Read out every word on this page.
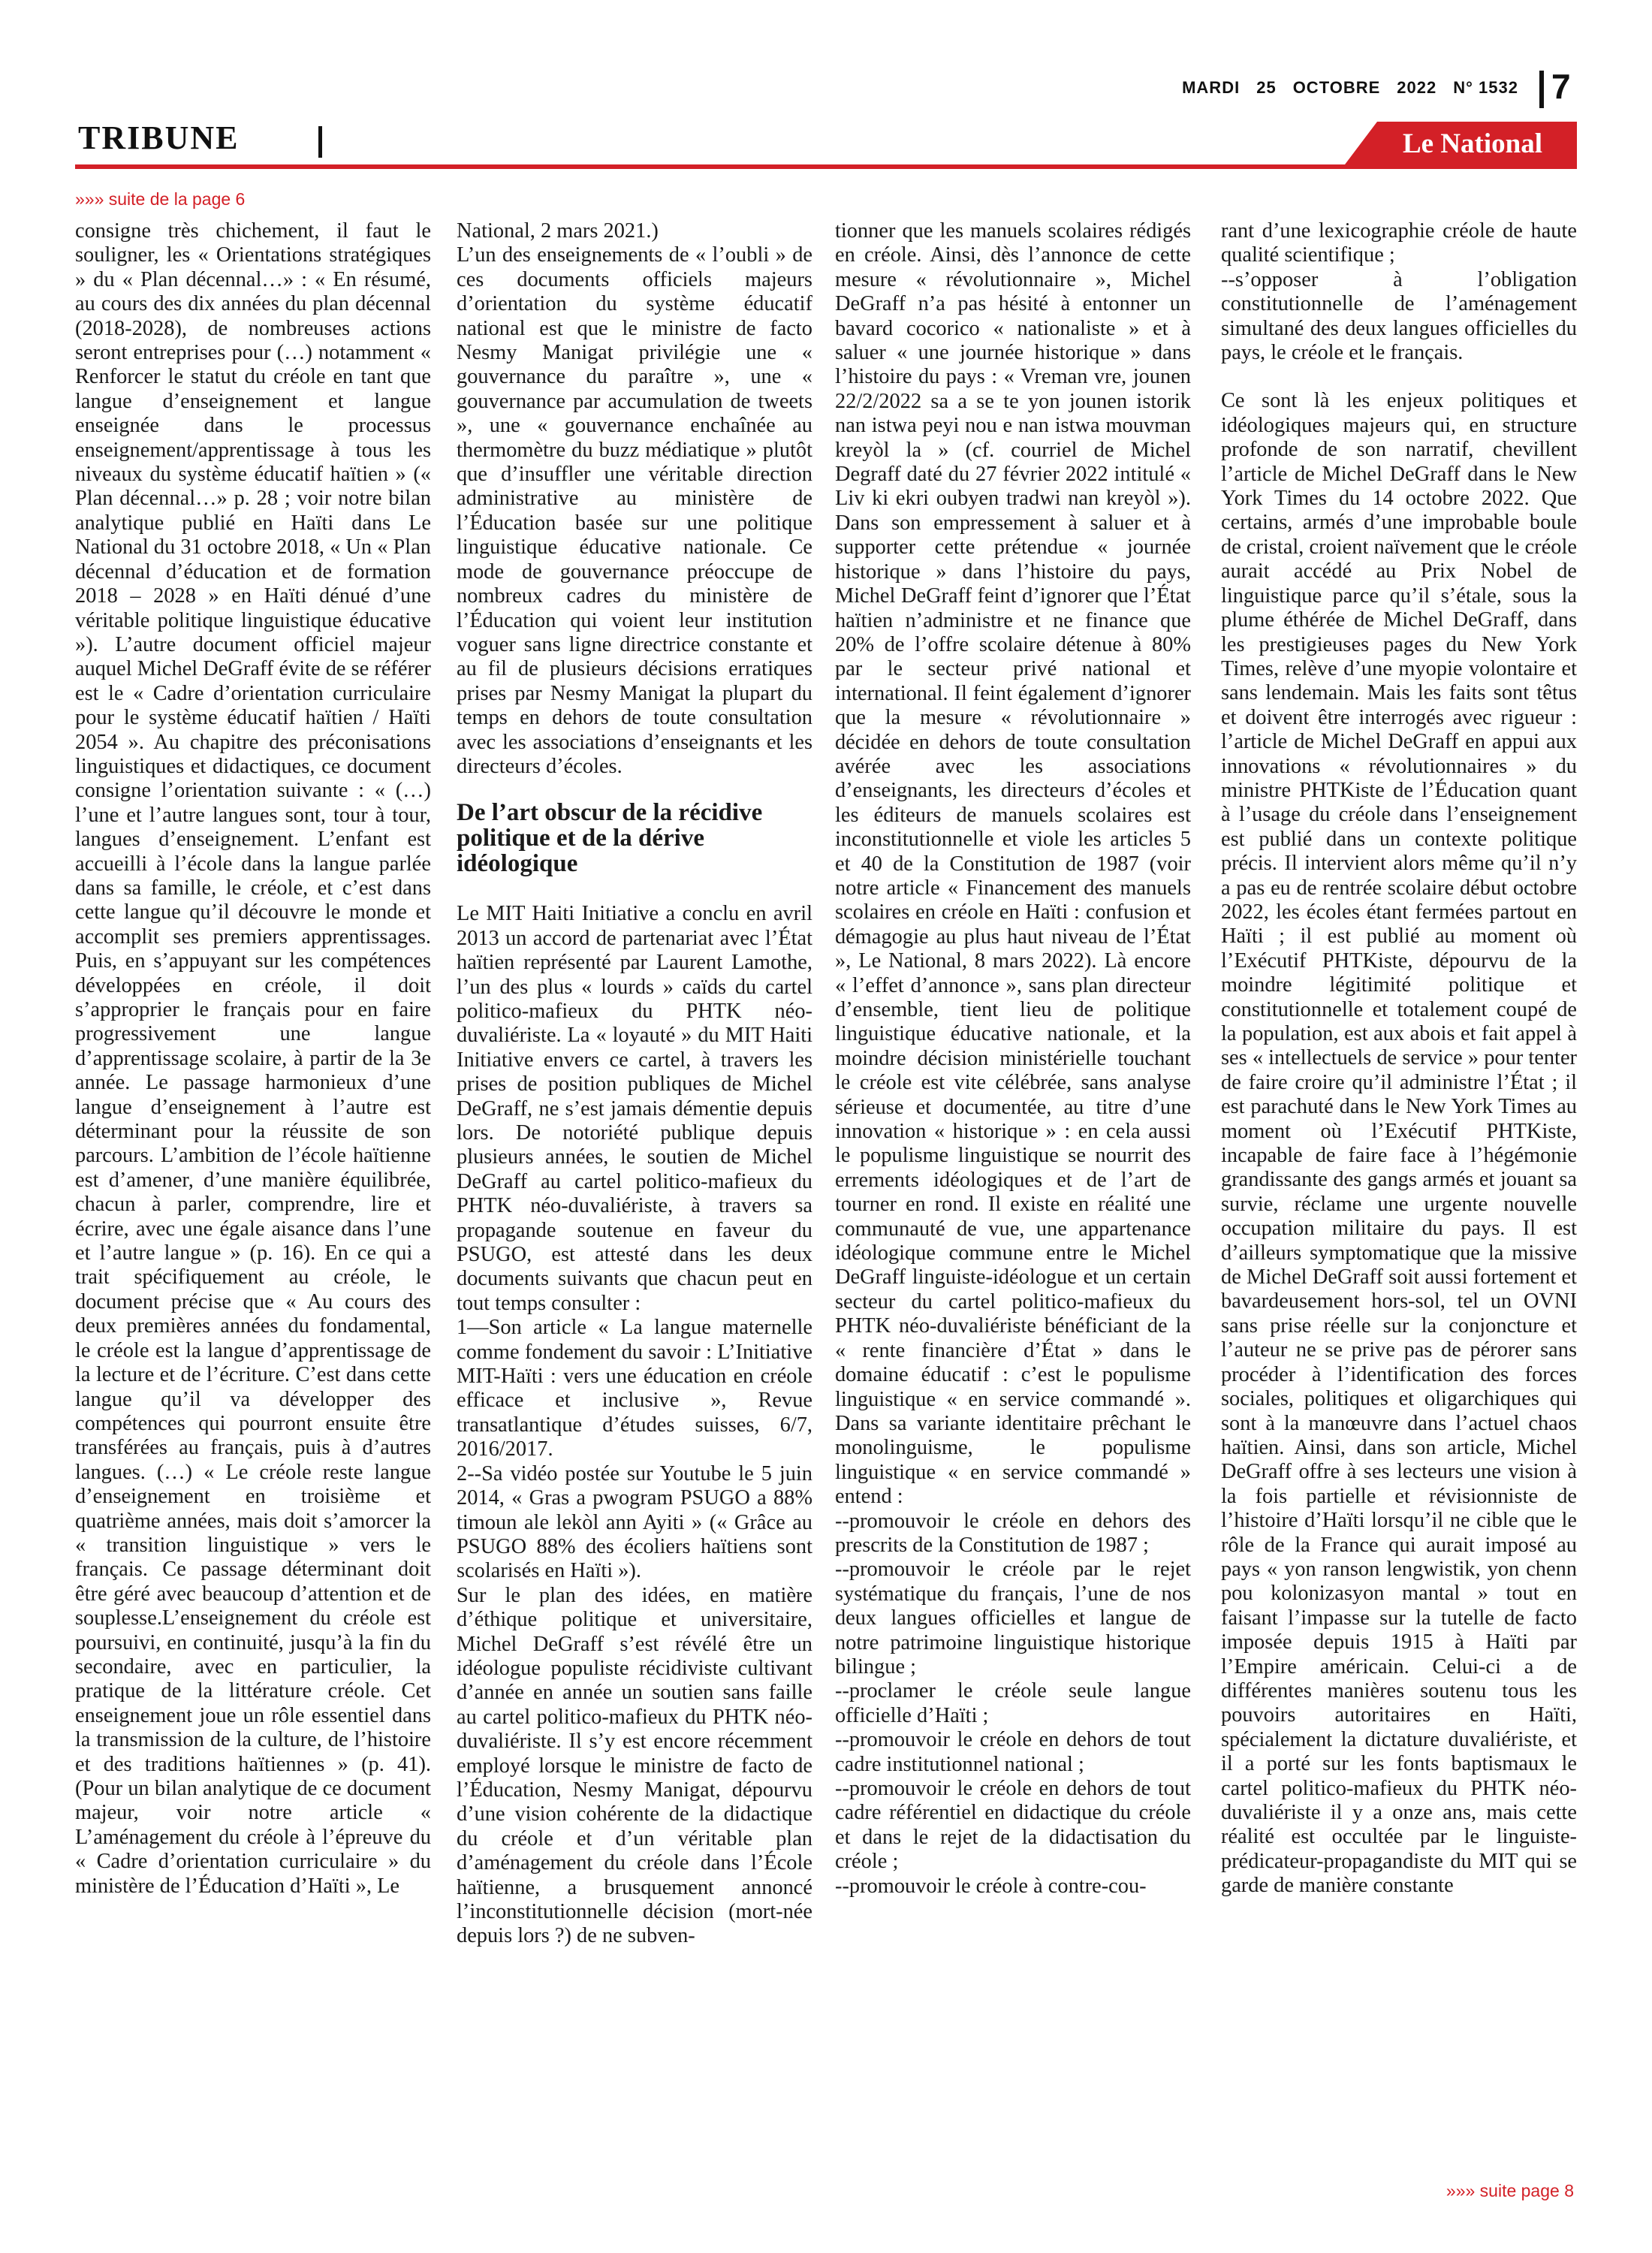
MARDI 25 OCTOBRE 2022 N° 1532 7
TRIBUNE	Le National
»»» suite de la page 6

consigne très chichement, il faut le souligner, les « Orientations stratégiques » du « Plan décennal…» : « En résumé, au cours des dix années du plan décennal (2018-2028), de nombreuses actions seront entreprises pour (…) notamment « Renforcer le statut du créole en tant que langue d’enseignement et langue enseignée dans le processus enseignement/apprentissage à tous les niveaux du système éducatif haïtien » (« Plan décennal…» p. 28 ; voir notre bilan analytique publié en Haïti dans Le National du 31 octobre 2018, « Un « Plan décennal d’éducation et de formation 2018 – 2028 » en Haïti dénué d’une véritable politique linguistique éducative »). L’autre document officiel majeur auquel Michel DeGraff évite de se référer est le « Cadre d’orientation curriculaire pour le système éducatif haïtien / Haïti 2054 ». Au chapitre des préconisations linguistiques et didactiques, ce document consigne l’orientation suivante : « (…) l’une et l’autre langues sont, tour à tour, langues d’enseignement. L’enfant est accueilli à l’école dans la langue parlée dans sa famille, le créole, et c’est dans cette langue qu’il découvre le monde et accomplit ses premiers apprentissages. Puis, en s’appuyant sur les compétences développées en créole, il doit s’approprier le français pour en faire progressivement une langue d’apprentissage scolaire, à partir de la 3e année. Le passage harmonieux d’une langue d’enseignement à l’autre est déterminant pour la réussite de son parcours. L’ambition de l’école haïtienne est d’amener, d’une manière équilibrée, chacun à parler, comprendre, lire et écrire, avec une égale aisance dans l’une et l’autre langue » (p. 16). En ce qui a trait spécifiquement au créole, le document précise que « Au cours des deux premières années du fondamental, le créole est la langue d’apprentissage de la lecture et de l’écriture. C’est dans cette langue qu’il va développer des compétences qui pourront ensuite être transférées au français, puis à d’autres langues. (…) « Le créole reste langue d’enseignement en troisième et quatrième années, mais doit s’amorcer la « transition linguistique » vers le français. Ce passage déterminant doit être géré avec beaucoup d’attention et de souplesse.L’enseignement du créole est poursuivi, en continuité, jusqu’à la fin du secondaire, avec en particulier, la pratique de la littérature créole. Cet enseignement joue un rôle essentiel dans la transmission de la culture, de l’histoire et des traditions haïtiennes » (p. 41). (Pour un bilan analytique de ce document majeur, voir notre article « L’aménagement du créole à l’épreuve du « Cadre d’orientation curriculaire » du ministère de l’Éducation d’Haïti », Le

National, 2 mars 2021.)

L’un des enseignements de « l’oubli » de ces documents officiels majeurs d’orientation du système éducatif national est que le ministre de facto Nesmy Manigat privilégie une « gouvernance du paraître », une « gouvernance par accumulation de tweets », une « gouvernance enchaînée au thermomètre du buzz médiatique » plutôt que d’insuffler une véritable direction administrative au ministère de l’Éducation basée sur une politique linguistique éducative nationale. Ce mode de gouvernance préoccupe de nombreux cadres du ministère de l’Éducation qui voient leur institution voguer sans ligne directrice constante et au fil de plusieurs décisions erratiques prises par Nesmy Manigat la plupart du temps en dehors de toute consultation avec les associations d’enseignants et les directeurs d’écoles.

De l’art obscur de la récidive politique et de la dérive idéologique

Le MIT Haiti Initiative a conclu en avril 2013 un accord de partenariat avec l’État haïtien représenté par Laurent Lamothe, l’un des plus « lourds » caïds du cartel politico-mafieux du PHTK néo-duvaliériste. La « loyauté » du MIT Haiti Initiative envers ce cartel, à travers les prises de position publiques de Michel DeGraff, ne s’est jamais démentie depuis lors. De notoriété publique depuis plusieurs années, le soutien de Michel DeGraff au cartel politico-mafieux du PHTK néo-duvaliériste, à travers sa propagande soutenue en faveur du PSUGO, est attesté dans les deux documents suivants que chacun peut en tout temps consulter :

1—Son article « La langue maternelle comme fondement du savoir : L’Initiative MIT-Haïti : vers une éducation en créole efficace et inclusive », Revue transatlantique d’études suisses, 6/7, 2016/2017.

2--Sa vidéo postée sur Youtube le 5 juin 2014, « Gras a pwogram PSUGO a 88% timoun ale lekòl ann Ayiti » (« Grâce au PSUGO 88% des écoliers haïtiens sont scolarisés en Haïti »).

Sur le plan des idées, en matière d’éthique politique et universitaire, Michel DeGraff s’est révélé être un idéologue populiste récidiviste cultivant d’année en année un soutien sans faille au cartel politico-mafieux du PHTK néo-duvaliériste. Il s’y est encore récemment employé lorsque le ministre de facto de l’Éducation, Nesmy Manigat, dépourvu d’une vision cohérente de la didactique du créole et d’un véritable plan d’aménagement du créole dans l’École haïtienne, a brusquement annoncé l’inconstitutionnelle décision (mort-née depuis lors ?) de ne subven-

tionner que les manuels scolaires rédigés en créole. Ainsi, dès l’annonce de cette mesure « révolutionnaire », Michel DeGraff n’a pas hésité à entonner un bavard cocorico « nationaliste » et à saluer « une journée historique » dans l’histoire du pays : « Vreman vre, jounen 22/2/2022 sa a se te yon jounen istorik nan istwa peyi nou e nan istwa mouvman kreyòl la » (cf. courriel de Michel Degraff daté du 27 février 2022 intitulé « Liv ki ekri oubyen tradwi nan kreyòl »). Dans son empressement à saluer et à supporter cette prétendue « journée historique » dans l’histoire du pays, Michel DeGraff feint d’ignorer que l’État haïtien n’administre et ne finance que 20% de l’offre scolaire détenue à 80% par le secteur privé national et international. Il feint également d’ignorer que la mesure « révolutionnaire » décidée en dehors de toute consultation avérée avec les associations d’enseignants, les directeurs d’écoles et les éditeurs de manuels scolaires est inconstitutionnelle et viole les articles 5 et 40 de la Constitution de 1987 (voir notre article « Financement des manuels scolaires en créole en Haïti : confusion et démagogie au plus haut niveau de l’État », Le National, 8 mars 2022). Là encore « l’effet d’annonce », sans plan directeur d’ensemble, tient lieu de politique linguistique éducative nationale, et la moindre décision ministérielle touchant le créole est vite célébrée, sans analyse sérieuse et documentée, au titre d’une innovation « historique » : en cela aussi le populisme linguistique se nourrit des errements idéologiques et de l’art de tourner en rond. Il existe en réalité une communauté de vue, une appartenance idéologique commune entre le Michel DeGraff linguiste-idéologue et un certain secteur du cartel politico-mafieux du PHTK néo-duvaliériste bénéficiant de la « rente financière d’État » dans le domaine éducatif : c’est le populisme linguistique « en service commandé ». Dans sa variante identitaire prêchant le monolinguisme, le populisme linguistique « en service commandé » entend :

--promouvoir le créole en dehors des prescrits de la Constitution de 1987 ;

--promouvoir le créole par le rejet systématique du français, l’une de nos deux langues officielles et langue de notre patrimoine linguistique historique bilingue ;

--proclamer le créole seule langue officielle d’Haïti ;

--promouvoir le créole en dehors de tout cadre institutionnel national ;

--promouvoir le créole en dehors de tout cadre référentiel en didactique du créole et dans le rejet de la didactisation du créole ;

--promouvoir le créole à contre-cou-

rant d’une lexicographie créole de haute qualité scientifique ;

--s’opposer à l’obligation constitutionnelle de l’aménagement simultané des deux langues officielles du pays, le créole et le français.

Ce sont là les enjeux politiques et idéologiques majeurs qui, en structure profonde de son narratif, chevillent l’article de Michel DeGraff dans le New York Times du 14 octobre 2022. Que certains, armés d’une improbable boule de cristal, croient naïvement que le créole aurait accédé au Prix Nobel de linguistique parce qu’il s’étale, sous la plume éthérée de Michel DeGraff, dans les prestigieuses pages du New York Times, relève d’une myopie volontaire et sans lendemain. Mais les faits sont têtus et doivent être interrogés avec rigueur : l’article de Michel DeGraff en appui aux innovations « révolutionnaires » du ministre PHTKiste de l’Éducation quant à l’usage du créole dans l’enseignement est publié dans un contexte politique précis. Il intervient alors même qu’il n’y a pas eu de rentrée scolaire début octobre 2022, les écoles étant fermées partout en Haïti ; il est publié au moment où l’Exécutif PHTKiste, dépourvu de la moindre légitimité politique et constitutionnelle et totalement coupé de la population, est aux abois et fait appel à ses « intellectuels de service » pour tenter de faire croire qu’il administre l’État ; il est parachuté dans le New York Times au moment où l’Exécutif PHTKiste, incapable de faire face à l’hégémonie grandissante des gangs armés et jouant sa survie, réclame une urgente nouvelle occupation militaire du pays. Il est d’ailleurs symptomatique que la missive de Michel DeGraff soit aussi fortement et bavardeusement hors-sol, tel un OVNI sans prise réelle sur la conjoncture et l’auteur ne se prive pas de pérorer sans procéder à l’identification des forces sociales, politiques et oligarchiques qui sont à la manœuvre dans l’actuel chaos haïtien. Ainsi, dans son article, Michel DeGraff offre à ses lecteurs une vision à la fois partielle et révisionniste de l’histoire d’Haïti lorsqu’il ne cible que le rôle de la France qui aurait imposé au pays « yon ranson lengwistik, yon chenn pou kolonizasyon mantal » tout en faisant l’impasse sur la tutelle de facto imposée depuis 1915 à Haïti par l’Empire américain. Celui-ci a de différentes manières soutenu tous les pouvoirs autoritaires en Haïti, spécialement la dictature duvaliériste, et il a porté sur les fonts baptismaux le cartel politico-mafieux du PHTK néo-duvaliériste il y a onze ans, mais cette réalité est occultée par le linguiste-prédicateur-propagandiste du MIT qui se garde de manière constante

»»» suite page 8
